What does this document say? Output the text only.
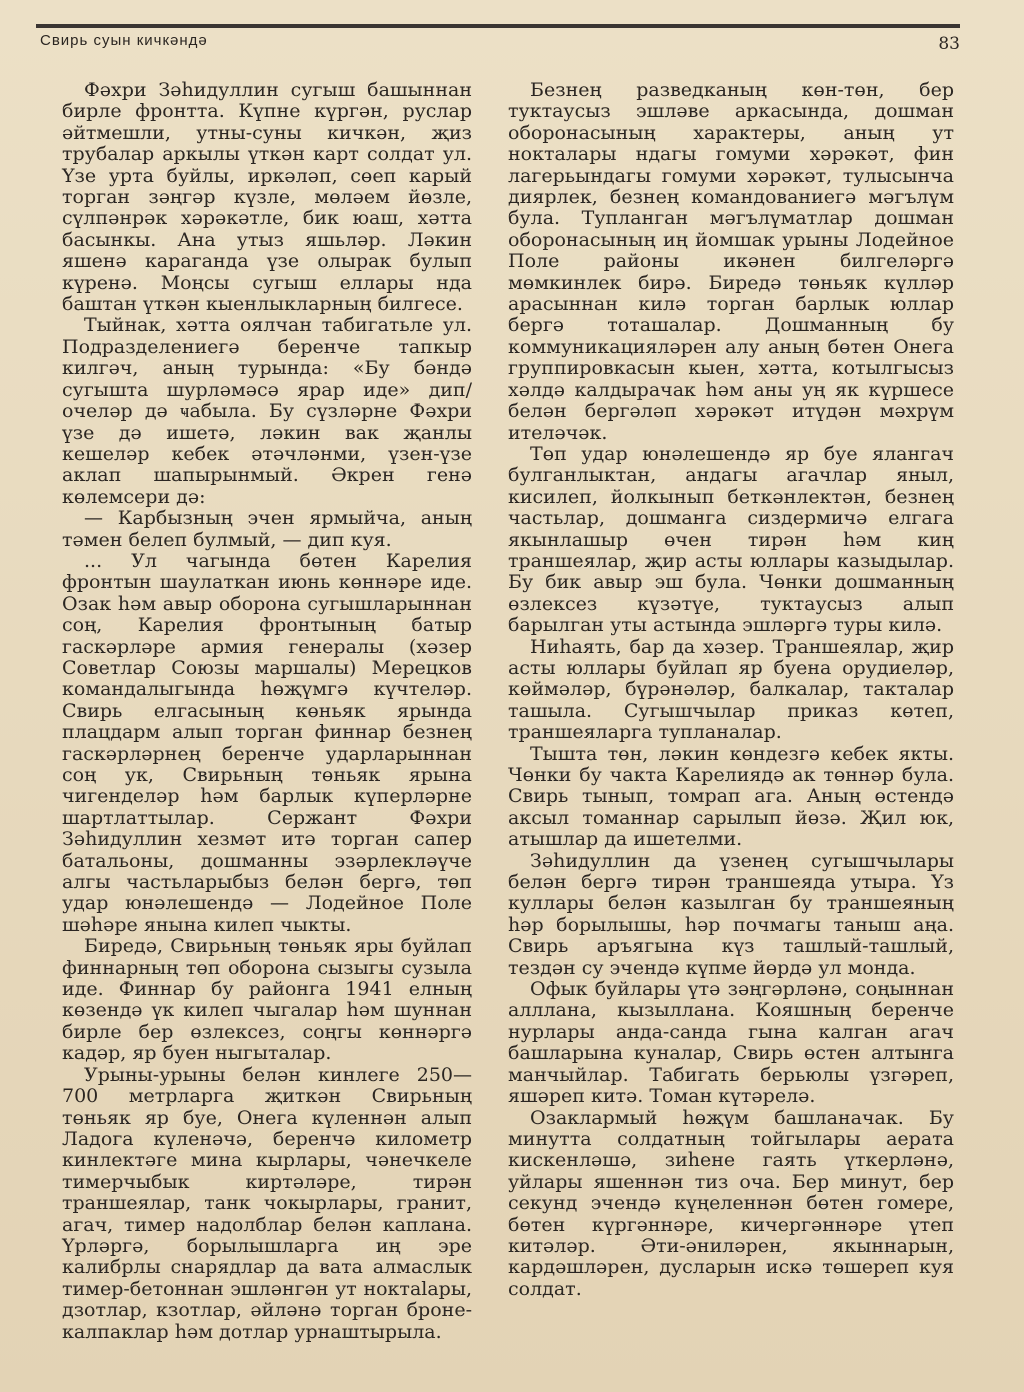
Свирь суын кичкәндә	83

Фәхри Зәһидуллин сугыш башыннан бирле фронтта. Күпне күргән, руслар әйтмешли, утны-суны кичкән, җиз трубалар аркылы үткән карт солдат ул. Үзе урта буйлы, иркәләп, сөеп карый торган зәңгәр күзле, мөләем йөзле, сүлпәнрәк хәрәкәтле, бик юаш, хәтта басынкы. Ана утыз яшьләр. Ләкин яшенә караганда үзе олырак булып күренә. Моңсы сугыш еллары нда баштан үткән кыенлыкларның билгесе.

Тыйнак, хәтта оялчан табигатьле ул. Подразделениегә беренче тапкыр килгәч, аның турында: «Бу бәндә сугышта шурләмәсә ярар иде» дип/очеләр дә ҹабыла. Бу сүзләрне Фәхри үзе дә ишетә, ләкин вак җанлы кешеләр кебек әтәчләнми, үзен-үзе аклап шапырынмый. Әкрен генә көлемсери дә:

— Карбызның эчен ярмыйча, аның тәмен белеп булмый, — дип куя.

... Ул чагында бөтен Карелия фронтын шаулаткан июнь көннәре иде. Озак һәм авыр оборона сугышларыннан соң, Карелия фронтының батыр гаскәрләре армия генералы (хәзер Советлар Союзы маршалы) Мерецков командалыгында һөҗүмгә күчтеләр. Свирь елгасының көньяк ярында плацдарм алып торган финнар безнең гаскәрләрнең беренче ударларыннан соң ук, Свирьның төньяк ярына чигенделәр һәм барлык күперләрне шартлаттылар. Сержант Фәхри Зәһидуллин хезмәт итә торган сапер батальоны, дошманны эзәрлекләүче алгы частьларыбыз белән бергә, төп удар юнәлешендә — Лодейное Поле шәһәре янына килеп чыкты.

Биредә, Свирьның төньяк яры буйлап финнарның төп оборона сызыгы сузыла иде. Финнар бу районга 1941 елның көзендә үк килеп чыгалар һәм шуннан бирле бер өзлексез, соңгы көннәргә кадәр, яр буен ныгыталар.

Урыны-урыны белән кинлеге 250—700 метрларга җиткән Свирьның төньяк яр буе, Онега күленнән алып Ладога күленәчә, беренчә километр кинлектәге мина кырлары, чәнечкеле тимерчыбык киртәләре, тирән траншеялар, танк чокырлары, гранит, агач, тимер надолблар белән каплана. Үрләргә, борылышларга иң эре калибрлы снарядлар да вата алмаслык тимер-бетоннан эшләнгән ут ноктalары, дзотлар, кзотлар, әйләнә торган броне-калпаклар һәм дотлар урнаштырыла.

Безнең разведканың көн-төн, бер туктаусыз эшләве аркасында, дошман оборонасының характеры, аның ут ноктaлары ндагы гомуми хәрәкәт, фин лагерьындагы гомуми хәрәкәт, тулысынча диярлек, безнең командованиегә мәгълүм була. Тупланган мәгълүматлар дошман оборонасының иң йомшак урыны Лодейное Поле районы икәнен билгеләргә мөмкинлек бирә. Биредә төньяк күлләр арасыннан килә торган барлык юллар бергә тоташалар. Дошманның бу коммуникацияләрен алу аның бөтен Онега группировкасын кыен, хәтта, котылгысыз хәлдә калдырачак һәм аны уң як күршесе белән бергәләп хәрәкәт итүдән мәхрүм ителәчәк.

Төп удар юнәлешендә яр буе ялангач булганлыктан, андагы агачлар яныл, кисилеп, йолкынып беткәнлектән, безнең частьлар, дошманга сиздермичә елгага якынлашыр өчен тирән һәм киң траншеялар, җир асты юллары казыдылар. Бу бик авыр эш була. Чөнки дошманның өзлексез күзәтүе, туктаусыз алып барылган уты астында эшләргә туры килә.

Ниһаять, бар да хәзер. Траншеялар, җир асты юллары буйлап яр буена орудиеләр, көймәләр, бүрәнәләр, балкалар, такталар ташыла. Сугышчылар приказ көтеп, траншеяларга тупланалар.

Тышта төн, ләкин көндезгә кебек якты. Чөнки бу чакта Карелиядә ак төннәр була. Свирь тынып, томрап ага. Аның өстендә аксыл томаннар сарылып йөзә. Җил юк, атышлар да ишетелми.

Зәһидуллин да үзенең сугышчылары белән бергә тирән траншеяда утыра. Үз куллары белән казылган бу траншеяның һәр борылышы, һәр почмагы таныш аңа. Свирь аръягына күз ташлый-ташлый, тездән су эчендә күпме йөрдә ул монда.

Офык буйлары үтә зәңгәрләнә, соңыннан алллана, кызыллана. Кояшның беренче нурлары анда-санда гына калган агач башларына куналар, Свирь өстен алтынга манчыйлар. Табигать берьюлы үзгәреп, яшәреп китә. Томан күтәрелә.

Озаклармый һөҗүм башланачак. Бу минутта солдатның тойгылары аерата кискенләшә, зиһене гаять үткерләнә, уйлары яшеннән тиз оча. Бер минут, бер секунд эчендә күңеленнән бөтен гомере, бөтен күргәннәре, кичергәннәре үтеп китәләр. Әти-әниләрен, якыннарын, кардәшләрен, дусларын искә төшереп куя солдат.
